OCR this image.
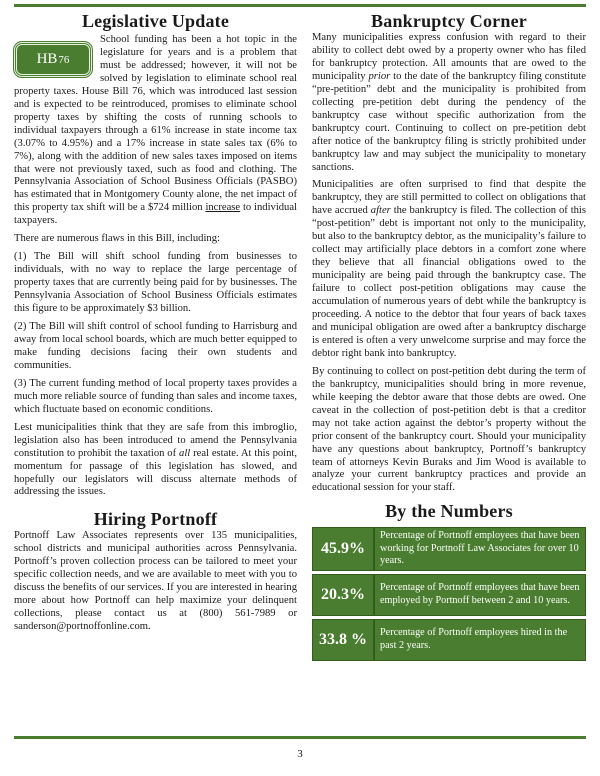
Legislative Update
HB 76

School funding has been a hot topic in the legislature for years and is a problem that must be addressed; however, it will not be solved by legislation to eliminate school real property taxes. House Bill 76, which was introduced last session and is expected to be reintroduced, promises to eliminate school property taxes by shifting the costs of running schools to individual taxpayers through a 61% increase in state income tax (3.07% to 4.95%) and a 17% increase in state sales tax (6% to 7%), along with the addition of new sales taxes imposed on items that were not previously taxed, such as food and clothing. The Pennsylvania Association of School Business Officials (PASBO) has estimated that in Montgomery County alone, the net impact of this property tax shift will be a $724 million increase to individual taxpayers.

There are numerous flaws in this Bill, including:

(1) The Bill will shift school funding from businesses to individuals, with no way to replace the large percentage of property taxes that are currently being paid for by businesses. The Pennsylvania Association of School Business Officials estimates this figure to be approximately $3 billion.

(2) The Bill will shift control of school funding to Harrisburg and away from local school boards, which are much better equipped to make funding decisions facing their own students and communities.

(3) The current funding method of local property taxes provides a much more reliable source of funding than sales and income taxes, which fluctuate based on economic conditions.

Lest municipalities think that they are safe from this imbroglio, legislation also has been introduced to amend the Pennsylvania constitution to prohibit the taxation of all real estate. At this point, momentum for passage of this legislation has slowed, and hopefully our legislators will discuss alternate methods of addressing the issues.

Hiring Portnoff

Portnoff Law Associates represents over 135 municipalities, school districts and municipal authorities across Pennsylvania. Portnoff’s proven collection process can be tailored to meet your specific collection needs, and we are available to meet with you to discuss the benefits of our services. If you are interested in hearing more about how Portnoff can help maximize your delinquent collections, please contact us at (800) 561-7989 or sanderson@portnoffonline.com.

Bankruptcy Corner

Many municipalities express confusion with regard to their ability to collect debt owed by a property owner who has filed for bankruptcy protection. All amounts that are owed to the municipality prior to the date of the bankruptcy filing constitute “pre-petition” debt and the municipality is prohibited from collecting pre-petition debt during the pendency of the bankruptcy case without specific authorization from the bankruptcy court. Continuing to collect on pre-petition debt after notice of the bankruptcy filing is strictly prohibited under bankruptcy law and may subject the municipality to monetary sanctions.

Municipalities are often surprised to find that despite the bankruptcy, they are still permitted to collect on obligations that have accrued after the bankruptcy is filed. The collection of this “post-petition” debt is important not only to the municipality, but also to the bankruptcy debtor, as the municipality’s failure to collect may artificially place debtors in a comfort zone where they believe that all financial obligations owed to the municipality are being paid through the bankruptcy case. The failure to collect post-petition obligations may cause the accumulation of numerous years of debt while the bankruptcy is proceeding. A notice to the debtor that four years of back taxes and municipal obligation are owed after a bankruptcy discharge is entered is often a very unwelcome surprise and may force the debtor right bank into bankruptcy.

By continuing to collect on post-petition debt during the term of the bankruptcy, municipalities should bring in more revenue, while keeping the debtor aware that those debts are owed. One caveat in the collection of post-petition debt is that a creditor may not take action against the debtor’s property without the prior consent of the bankruptcy court. Should your municipality have any questions about bankruptcy, Portnoff’s bankruptcy team of attorneys Kevin Buraks and Jim Wood is available to analyze your current bankruptcy practices and provide an educational session for your staff.

By the Numbers
45.9%	Percentage of Portnoff employees that have been working for Portnoff Law Associates for over 10 years.
20.3%	Percentage of Portnoff employees that have been employed by Portnoff between 2 and 10 years.
33.8 %	Percentage of Portnoff employees hired in the past 2 years.
3
